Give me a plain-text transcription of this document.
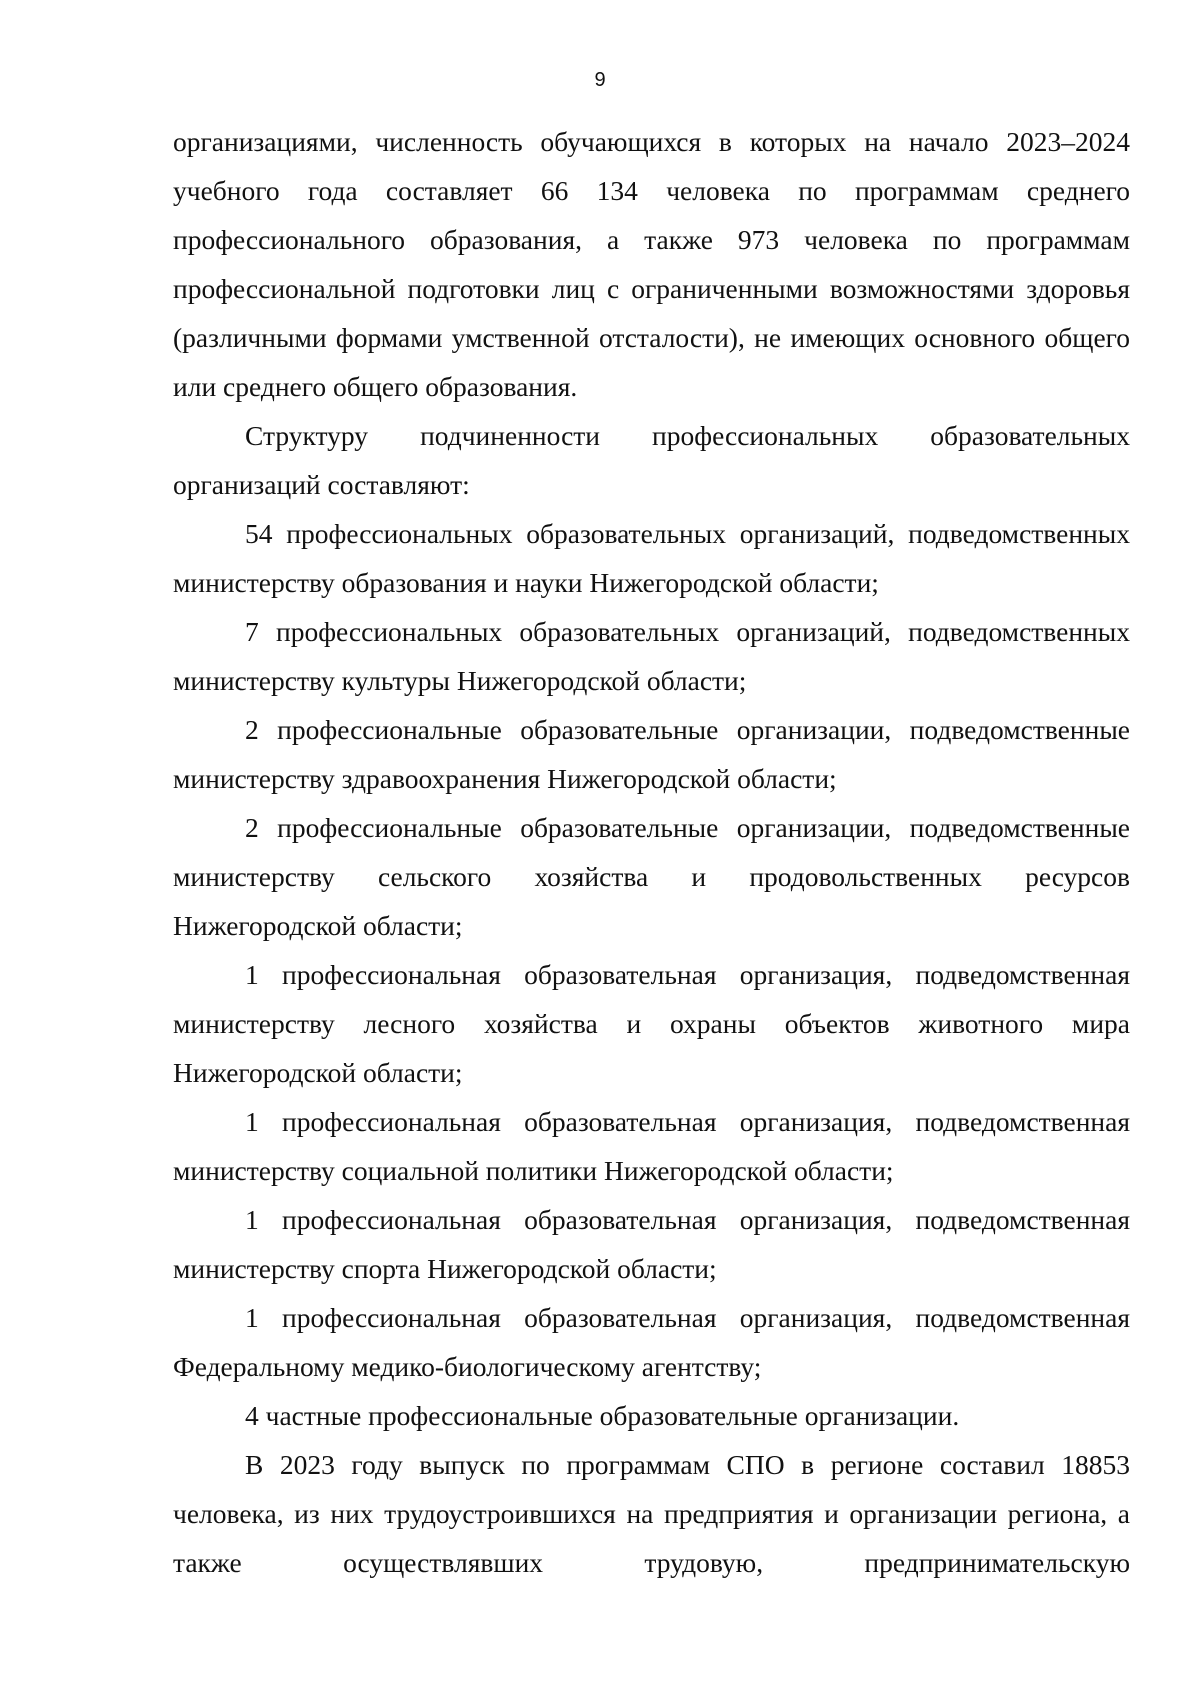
9

организациями, численность обучающихся в которых на начало 2023–2024 учебного года составляет 66 134 человека по программам среднего профессионального образования, а также 973 человека по программам профессиональной подготовки лиц с ограниченными возможностями здоровья (различными формами умственной отсталости), не имеющих основного общего или среднего общего образования.

Структуру подчиненности профессиональных образовательных организаций составляют:

54 профессиональных образовательных организаций, подведомственных министерству образования и науки Нижегородской области;

7 профессиональных образовательных организаций, подведомственных министерству культуры Нижегородской области;

2 профессиональные образовательные организации, подведомственные министерству здравоохранения Нижегородской области;

2 профессиональные образовательные организации, подведомственные министерству сельского хозяйства и продовольственных ресурсов Нижегородской области;

1 профессиональная образовательная организация, подведомственная министерству лесного хозяйства и охраны объектов животного мира Нижегородской области;

1 профессиональная образовательная организация, подведомственная министерству социальной политики Нижегородской области;

1 профессиональная образовательная организация, подведомственная министерству спорта Нижегородской области;

1 профессиональная образовательная организация, подведомственная Федеральному медико-биологическому агентству;

4 частные профессиональные образовательные организации.

В 2023 году выпуск по программам СПО в регионе составил 18853 человека, из них трудоустроившихся на предприятия и организации региона, а также осуществлявших трудовую, предпринимательскую
